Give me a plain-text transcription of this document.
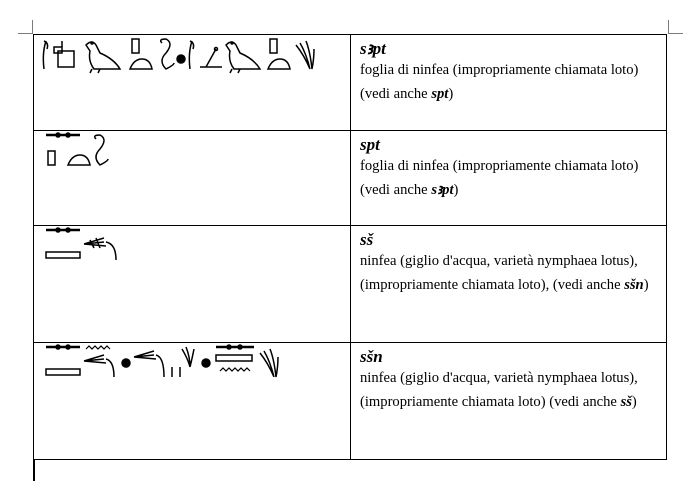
sꜣpt
foglia di ninfea (impropriamente chiamata loto) (vedi anche spt)

spt
foglia di ninfea (impropriamente chiamata loto) (vedi anche sꜣpt)

sš
ninfea (giglio d'acqua, varietà nymphaea lotus), (impropriamente chiamata loto), (vedi anche sšn)

sšn
ninfea (giglio d'acqua, varietà nymphaea lotus), (impropriamente chiamata loto) (vedi anche sš)
